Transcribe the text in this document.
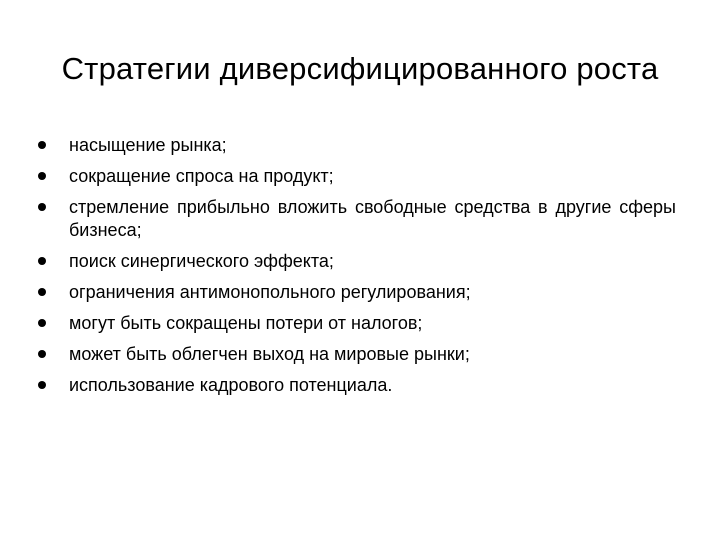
Стратегии диверсифицированного роста
насыщение рынка;
сокращение спроса на продукт;
стремление прибыльно вложить свободные средства в другие сферы бизнеса;
поиск синергического эффекта;
ограничения антимонопольного регулирования;
могут быть сокращены потери от налогов;
может быть облегчен выход на мировые рынки;
использование кадрового потенциала.
